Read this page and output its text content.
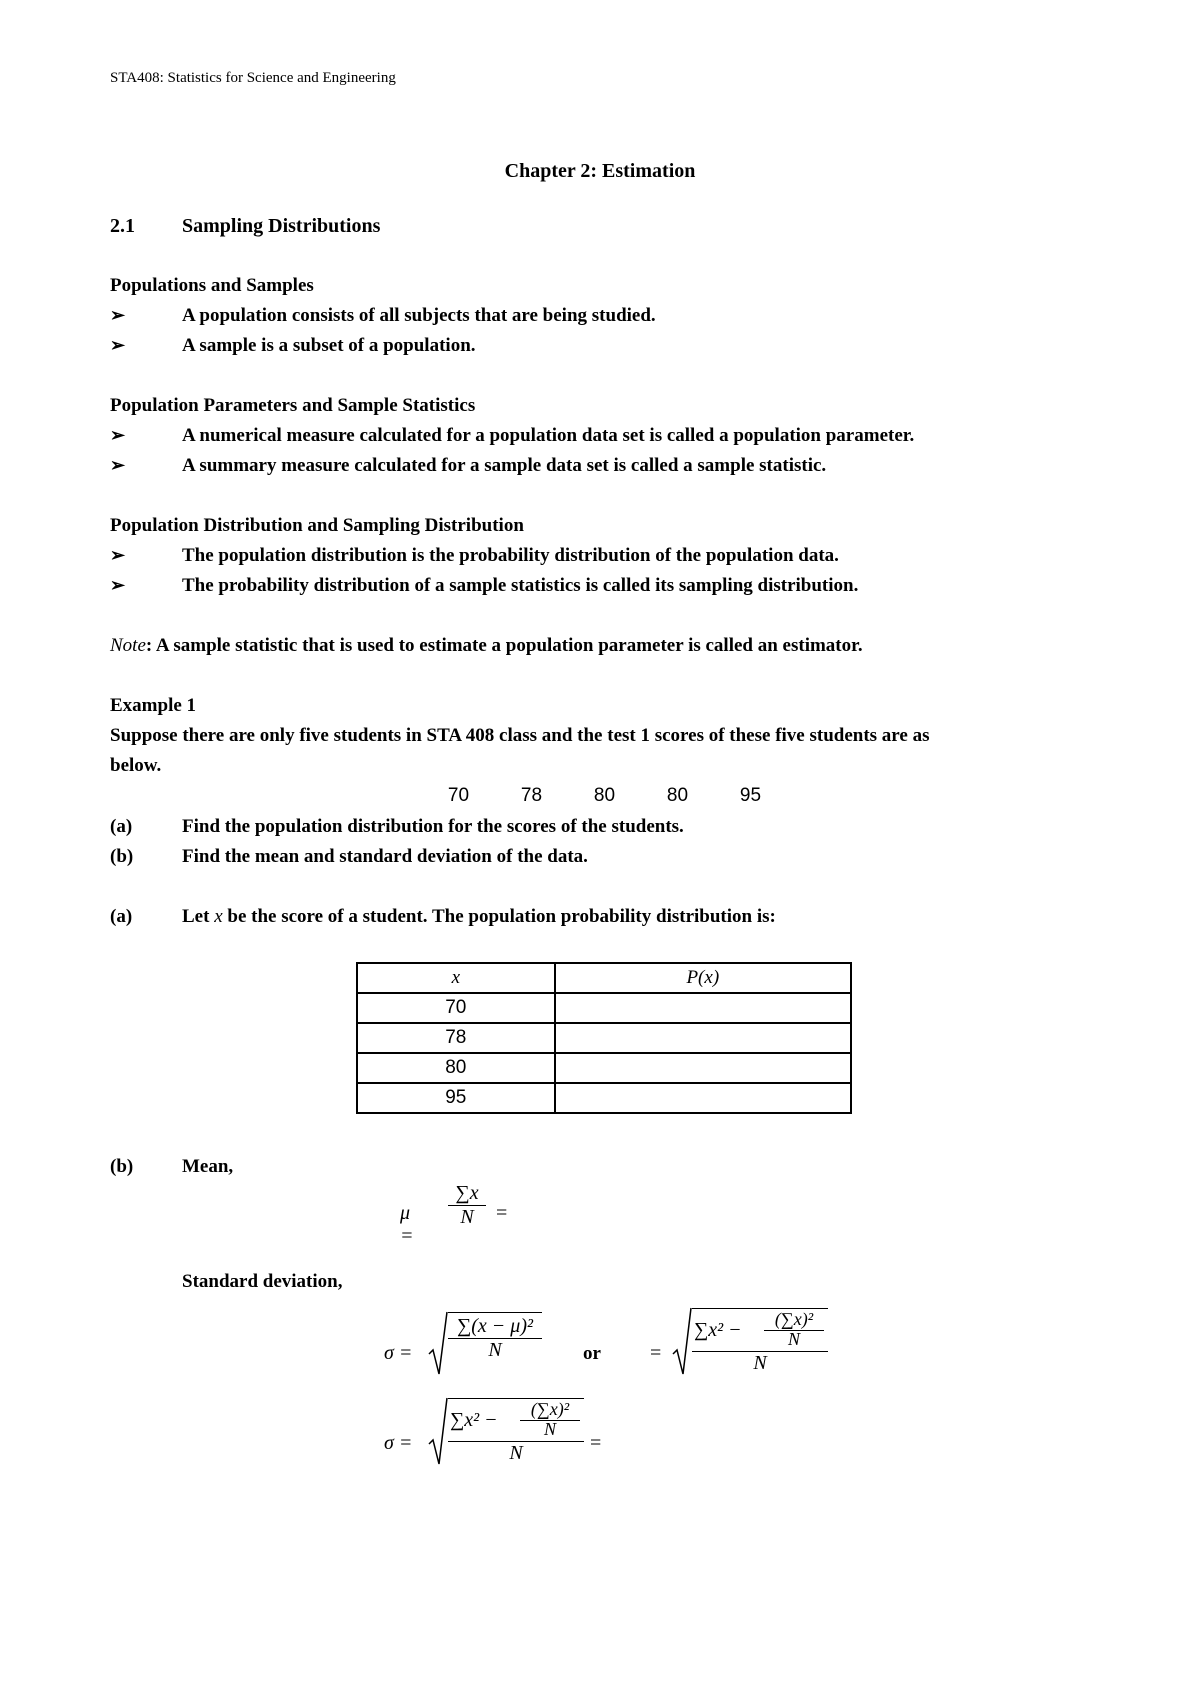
STA408: Statistics for Science and Engineering
Chapter 2: Estimation
2.1 Sampling Distributions
Populations and Samples
➢	A population consists of all subjects that are being studied.
➢	A sample is a subset of a population.
Population Parameters and Sample Statistics
➢	A numerical measure calculated for a population data set is called a population parameter.
➢	A summary measure calculated for a sample data set is called a sample statistic.
Population Distribution and Sampling Distribution
➢	The population distribution is the probability distribution of the population data.
➢	The probability distribution of a sample statistics is called its sampling distribution.
Note: A sample statistic that is used to estimate a population parameter is called an estimator.
Example 1
Suppose there are only five students in STA 408 class and the test 1 scores of these five students are as
below.
70	78	80	80	95
(a)	Find the population distribution for the scores of the students.
(b)	Find the mean and standard deviation of the data.
(a)	Let x be the score of a student. The population probability distribution is:
x	P(x)
70	
78	
80	
95	
(b)	Mean,
μ =
∑x
N =
Standard deviation,
σ =
∑(x − μ)²
N	or =
∑x² − (∑x)²
N
N
σ =
∑x² − (∑x)²
N
N	=
